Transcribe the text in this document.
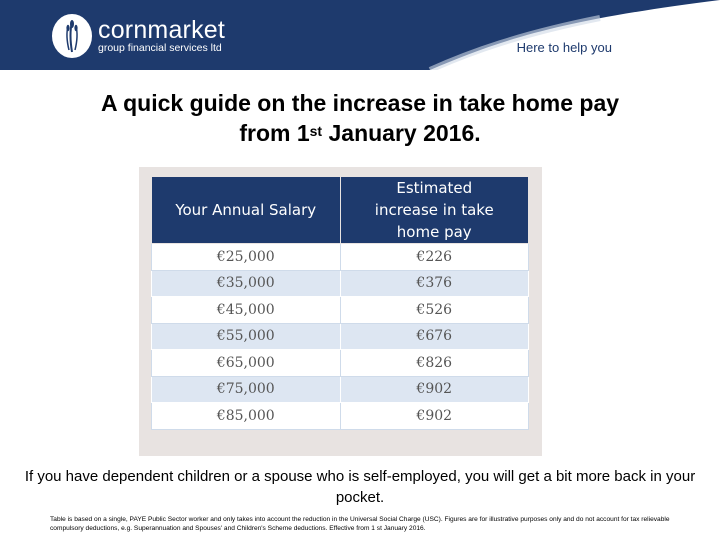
cornmarket
group financial services ltd	Here to help you
A quick guide on the increase in take home pay
from 1st January 2016.
Your Annual Salary	Estimated increase in take home pay
€25,000	€226
€35,000	€376
€45,000	€526
€55,000	€676
€65,000	€826
€75,000	€902
€85,000	€902
If you have dependent children or a spouse who is self-employed, you will get a bit more back in your pocket.
Table is based on a single, PAYE Public Sector worker and only takes into account the reduction in the Universal Social Charge (USC). Figures are for illustrative purposes only and do not account for tax relievable compulsory deductions, e.g. Superannuation and Spouses' and Children's Scheme deductions. Effective from 1 st January 2016.
